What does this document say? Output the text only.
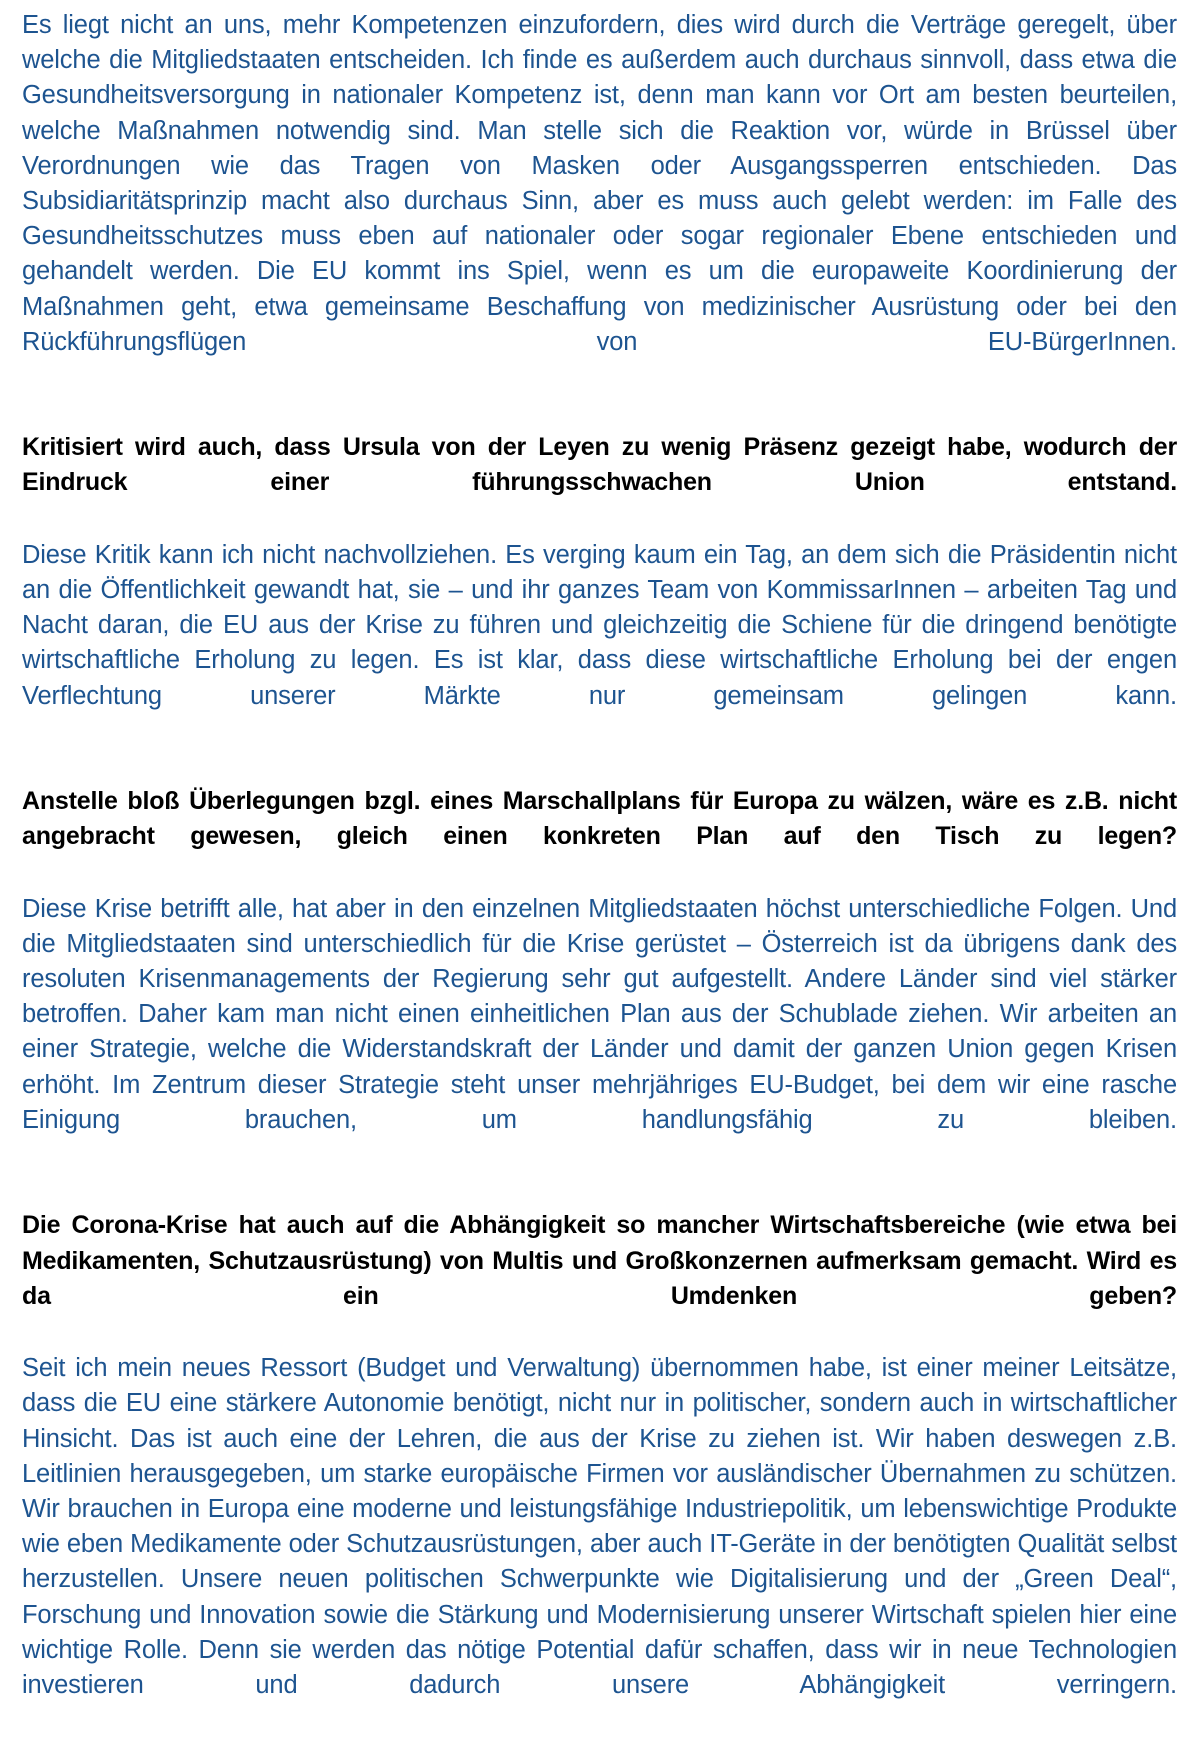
Es liegt nicht an uns, mehr Kompetenzen einzufordern, dies wird durch die Verträge geregelt, über welche die Mitgliedstaaten entscheiden. Ich finde es außerdem auch durchaus sinnvoll, dass etwa die Gesundheitsversorgung in nationaler Kompetenz ist, denn man kann vor Ort am besten beurteilen, welche Maßnahmen notwendig sind. Man stelle sich die Reaktion vor, würde in Brüssel über Verordnungen wie das Tragen von Masken oder Ausgangssperren entschieden. Das Subsidiaritätsprinzip macht also durchaus Sinn, aber es muss auch gelebt werden: im Falle des Gesundheitsschutzes muss eben auf nationaler oder sogar regionaler Ebene entschieden und gehandelt werden. Die EU kommt ins Spiel, wenn es um die europaweite Koordinierung der Maßnahmen geht, etwa gemeinsame Beschaffung von medizinischer Ausrüstung oder bei den Rückführungsflügen von EU-BürgerInnen.

Kritisiert wird auch, dass Ursula von der Leyen zu wenig Präsenz gezeigt habe, wodurch der Eindruck einer führungsschwachen Union entstand.

Diese Kritik kann ich nicht nachvollziehen. Es verging kaum ein Tag, an dem sich die Präsidentin nicht an die Öffentlichkeit gewandt hat, sie – und ihr ganzes Team von KommissarInnen – arbeiten Tag und Nacht daran, die EU aus der Krise zu führen und gleichzeitig die Schiene für die dringend benötigte wirtschaftliche Erholung zu legen. Es ist klar, dass diese wirtschaftliche Erholung bei der engen Verflechtung unserer Märkte nur gemeinsam gelingen kann.

Anstelle bloß Überlegungen bzgl. eines Marschallplans für Europa zu wälzen, wäre es z.B. nicht angebracht gewesen, gleich einen konkreten Plan auf den Tisch zu legen?

Diese Krise betrifft alle, hat aber in den einzelnen Mitgliedstaaten höchst unterschiedliche Folgen. Und die Mitgliedstaaten sind unterschiedlich für die Krise gerüstet – Österreich ist da übrigens dank des resoluten Krisenmanagements der Regierung sehr gut aufgestellt. Andere Länder sind viel stärker betroffen. Daher kam man nicht einen einheitlichen Plan aus der Schublade ziehen. Wir arbeiten an einer Strategie, welche die Widerstandskraft der Länder und damit der ganzen Union gegen Krisen erhöht. Im Zentrum dieser Strategie steht unser mehrjähriges EU-Budget, bei dem wir eine rasche Einigung brauchen, um handlungsfähig zu bleiben.

Die Corona-Krise hat auch auf die Abhängigkeit so mancher Wirtschaftsbereiche (wie etwa bei Medikamenten, Schutzausrüstung) von Multis und Großkonzernen aufmerksam gemacht. Wird es da ein Umdenken geben?

Seit ich mein neues Ressort (Budget und Verwaltung) übernommen habe, ist einer meiner Leitsätze, dass die EU eine stärkere Autonomie benötigt, nicht nur in politischer, sondern auch in wirtschaftlicher Hinsicht. Das ist auch eine der Lehren, die aus der Krise zu ziehen ist. Wir haben deswegen z.B. Leitlinien herausgegeben, um starke europäische Firmen vor ausländischer Übernahmen zu schützen. Wir brauchen in Europa eine moderne und leistungsfähige Industriepolitik, um lebenswichtige Produkte wie eben Medikamente oder Schutzausrüstungen, aber auch IT-Geräte in der benötigten Qualität selbst herzustellen. Unsere neuen politischen Schwerpunkte wie Digitalisierung und der „Green Deal“, Forschung und Innovation sowie die Stärkung und Modernisierung unserer Wirtschaft spielen hier eine wichtige Rolle. Denn sie werden das nötige Potential dafür schaffen, dass wir in neue Technologien investieren und dadurch unsere Abhängigkeit verringern.
